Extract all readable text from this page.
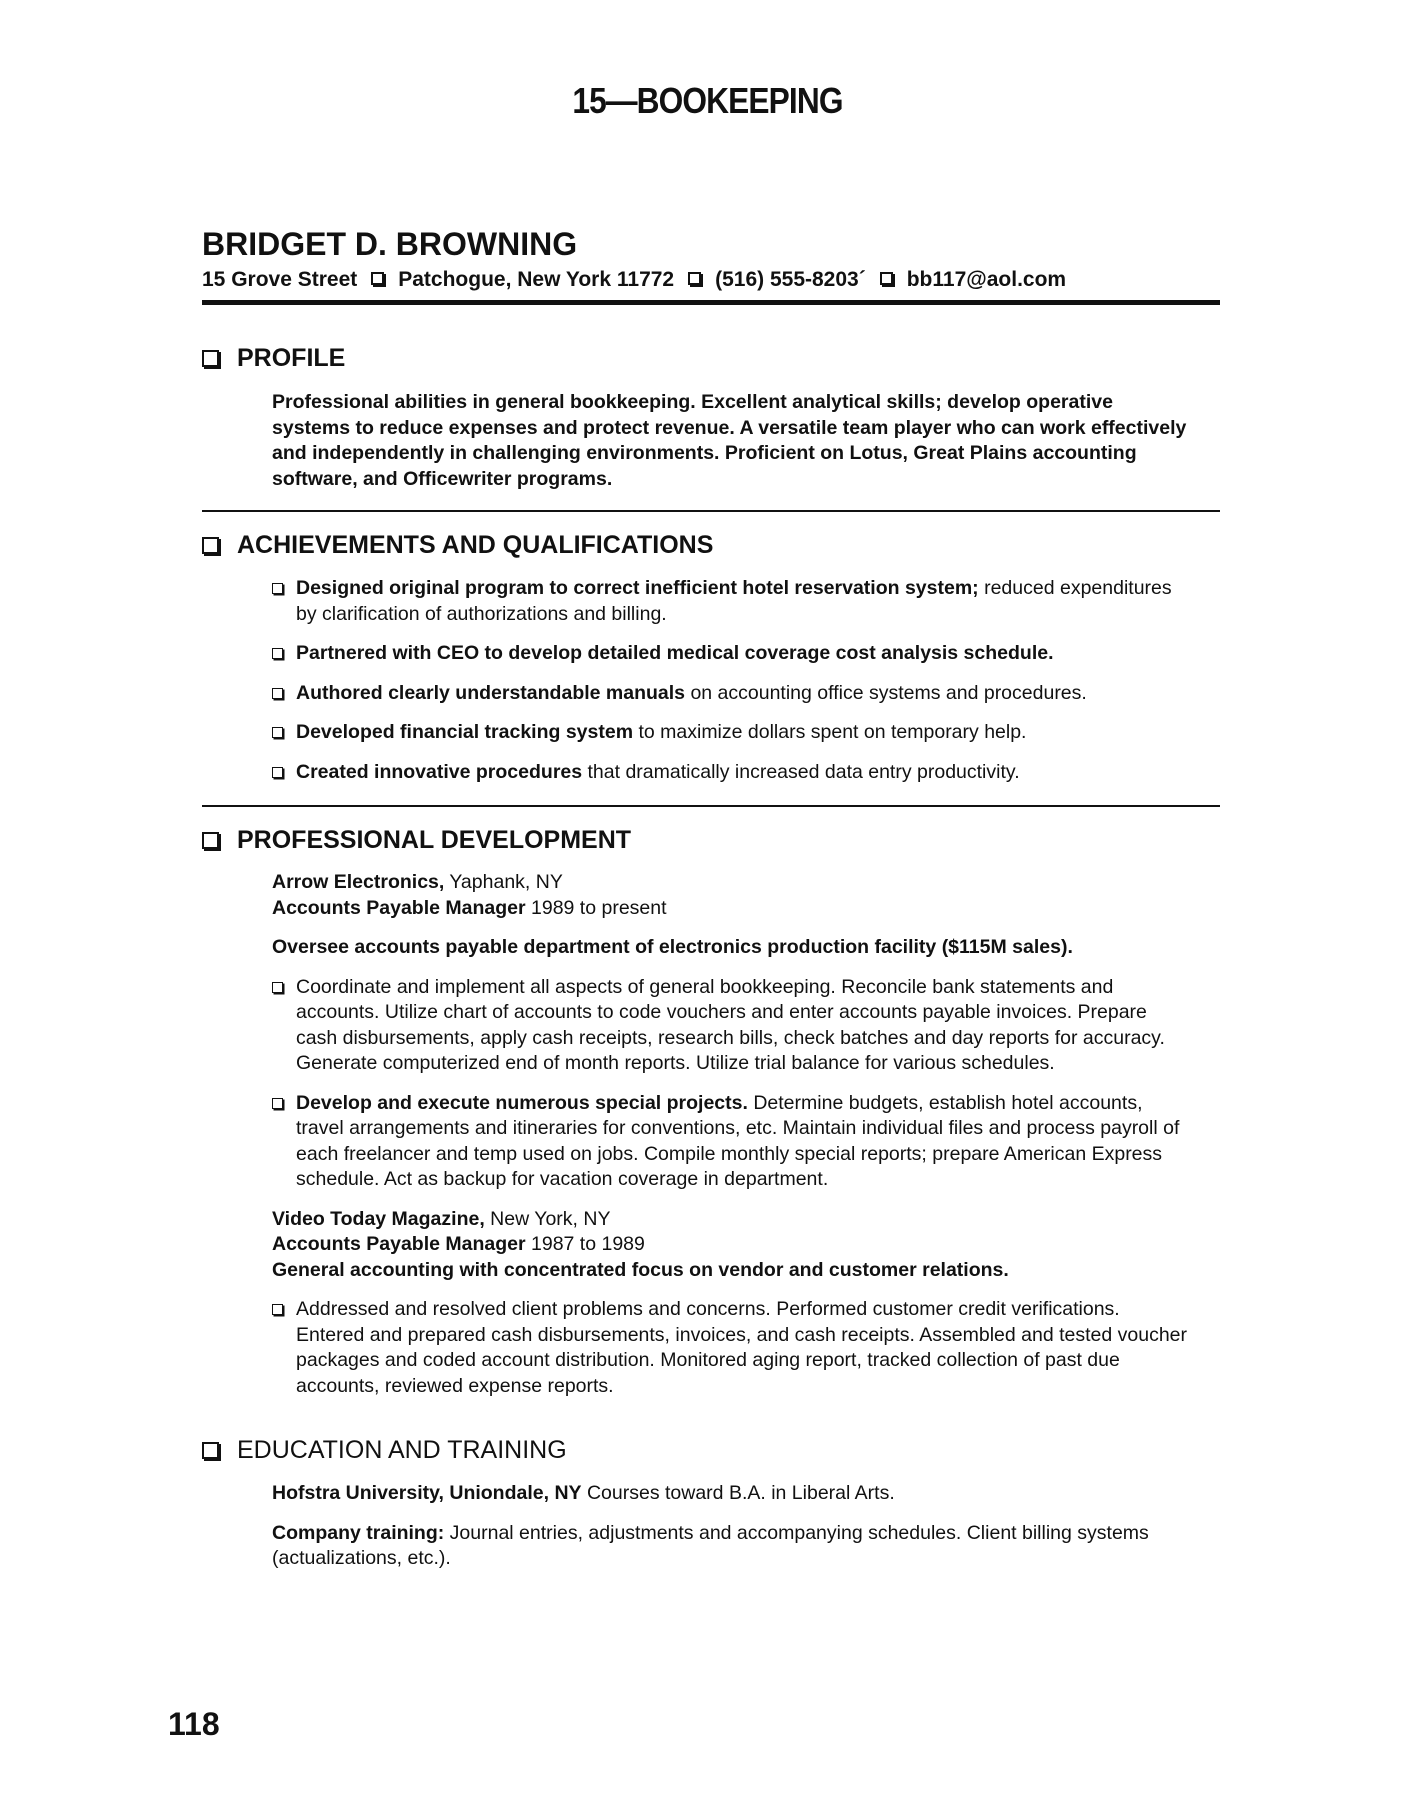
15—BOOKEEPING
BRIDGET D. BROWNING
15 Grove Street Patchogue, New York 11772 (516) 555-8203´ bb117@aol.com
PROFILE
Professional abilities in general bookkeeping. Excellent analytical skills; develop operative systems to reduce expenses and protect revenue. A versatile team player who can work effectively and independently in challenging environments. Proficient on Lotus, Great Plains accounting software, and Officewriter programs.
ACHIEVEMENTS AND QUALIFICATIONS
Designed original program to correct inefficient hotel reservation system; reduced expenditures by clarification of authorizations and billing.
Partnered with CEO to develop detailed medical coverage cost analysis schedule.
Authored clearly understandable manuals on accounting office systems and procedures.
Developed financial tracking system to maximize dollars spent on temporary help.
Created innovative procedures that dramatically increased data entry productivity.
PROFESSIONAL DEVELOPMENT
Arrow Electronics, Yaphank, NY
Accounts Payable Manager 1989 to present
Oversee accounts payable department of electronics production facility ($115M sales).
Coordinate and implement all aspects of general bookkeeping. Reconcile bank statements and accounts. Utilize chart of accounts to code vouchers and enter accounts payable invoices. Prepare cash disbursements, apply cash receipts, research bills, check batches and day reports for accuracy. Generate computerized end of month reports. Utilize trial balance for various schedules.
Develop and execute numerous special projects. Determine budgets, establish hotel accounts, travel arrangements and itineraries for conventions, etc. Maintain individual files and process payroll of each freelancer and temp used on jobs. Compile monthly special reports; prepare American Express schedule. Act as backup for vacation coverage in department.
Video Today Magazine, New York, NY
Accounts Payable Manager 1987 to 1989
General accounting with concentrated focus on vendor and customer relations.
Addressed and resolved client problems and concerns. Performed customer credit verifications. Entered and prepared cash disbursements, invoices, and cash receipts. Assembled and tested voucher packages and coded account distribution. Monitored aging report, tracked collection of past due accounts, reviewed expense reports.
EDUCATION AND TRAINING
Hofstra University, Uniondale, NY Courses toward B.A. in Liberal Arts.
Company training: Journal entries, adjustments and accompanying schedules. Client billing systems (actualizations, etc.).
118
